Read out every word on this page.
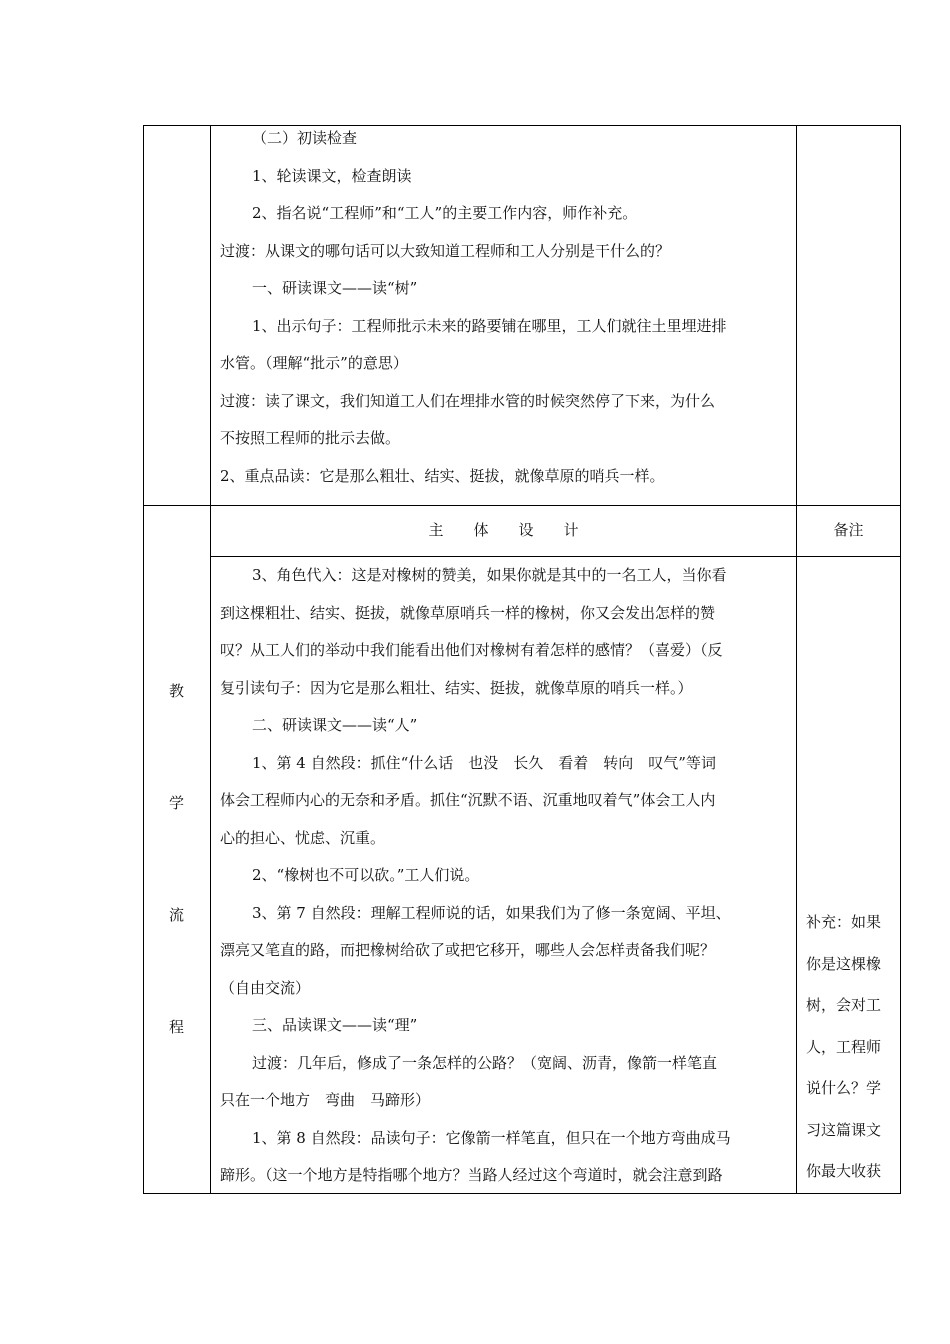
（二）初读检查

1、轮读课文，检查朗读

2、指名说“工程师”和“工人”的主要工作内容，师作补充。

过渡：从课文的哪句话可以大致知道工程师和工人分别是干什么的？

一、研读课文——读“树”

1、出示句子：工程师批示未来的路要铺在哪里，工人们就往土里埋进排

水管。（理解“批示”的意思）

过渡：读了课文，我们知道工人们在埋排水管的时候突然停了下来，为什么

不按照工程师的批示去做。

2、重点品读：它是那么粗壮、结实、挺拔，就像草原的哨兵一样。

主　　体　　设　　计	备注
教
学
流
程

3、角色代入：这是对橡树的赞美，如果你就是其中的一名工人，当你看

到这棵粗壮、结实、挺拔，就像草原哨兵一样的橡树，你又会发出怎样的赞

叹？从工人们的举动中我们能看出他们对橡树有着怎样的感情？（喜爱）（反

复引读句子：因为它是那么粗壮、结实、挺拔，就像草原的哨兵一样。）

二、研读课文——读“人”

1、第 4 自然段：抓住“什么话　也没　长久　看着　转向　叹气”等词

体会工程师内心的无奈和矛盾。抓住“沉默不语、沉重地叹着气”体会工人内

心的担心、忧虑、沉重。

2、“橡树也不可以砍。”工人们说。

3、第 7 自然段：理解工程师说的话，如果我们为了修一条宽阔、平坦、

漂亮又笔直的路，而把橡树给砍了或把它移开，哪些人会怎样责备我们呢？

（自由交流）

三、品读课文——读“理”

过渡：几年后，修成了一条怎样的公路？（宽阔、沥青，像箭一样笔直

只在一个地方　弯曲　马蹄形）

1、第 8 自然段：品读句子：它像箭一样笔直，但只在一个地方弯曲成马

蹄形。（这一个地方是特指哪个地方？当路人经过这个弯道时，就会注意到路

补充：如果

你是这棵橡

树，会对工

人，工程师

说什么？学

习这篇课文

你最大收获
